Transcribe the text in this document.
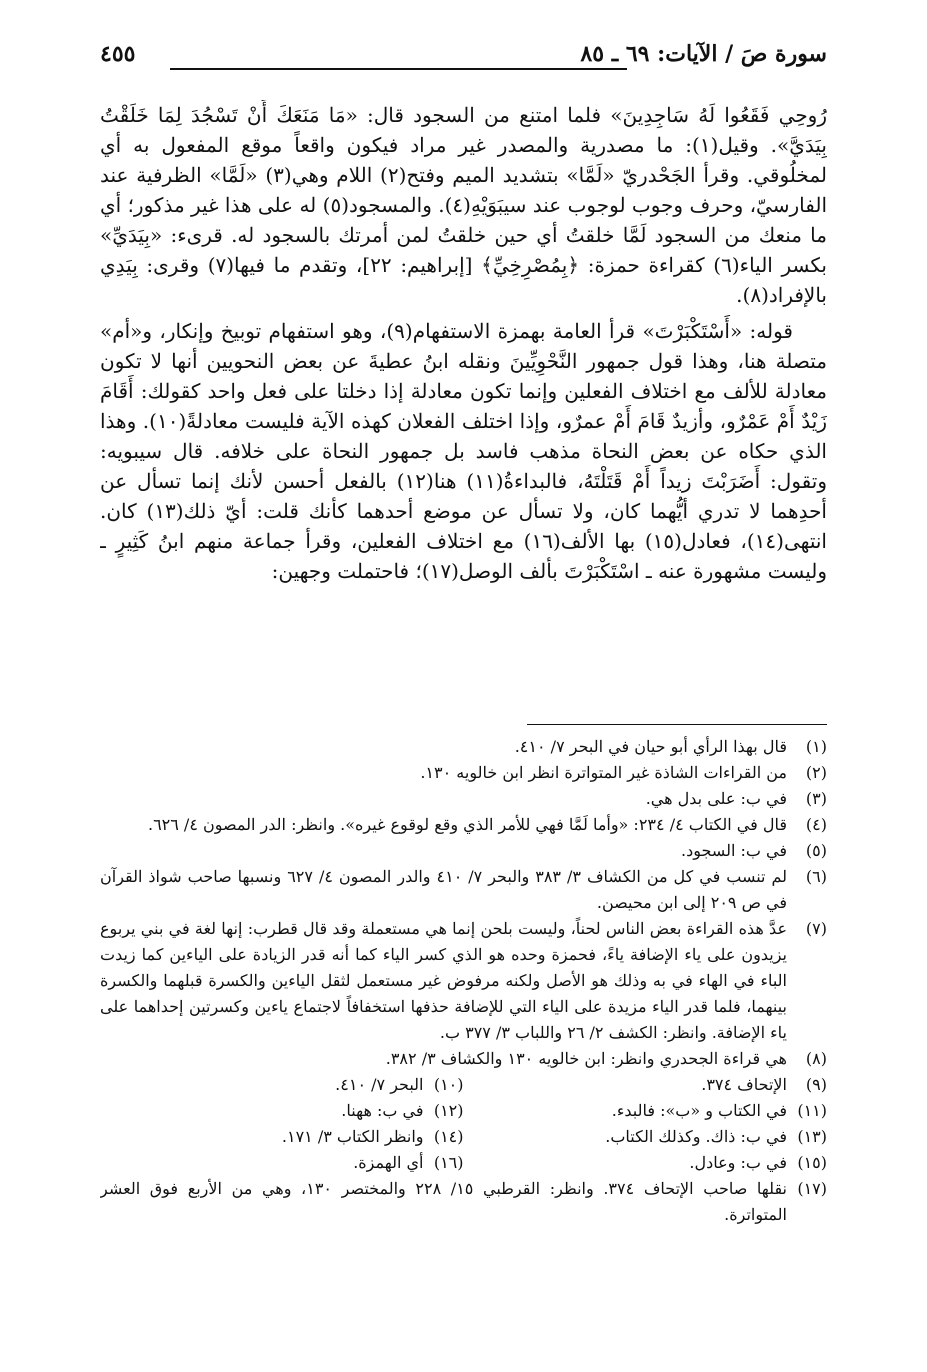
سورة صَ / الآيات: ٦٩ ـ ٨٥
٤٥٥

رُوحِي فَقَعُوا لَهُ سَاجِدِينَ» فلما امتنع من السجود قال: «مَا مَنَعَكَ أَنْ تَسْجُدَ لِمَا خَلَقْتُ بِيَدَيَّ». وقيل(١): ما مصدرية والمصدر غير مراد فيكون واقعاً موقع المفعول به أي لمخلُوقي. وقرأ الجَحْدريّ «لَمَّا» بتشديد الميم وفتح(٢) اللام وهي(٣) «لَمَّا» الظرفية عند الفارسيّ، وحرف وجوب لوجوب عند سيبَوَيْهِ(٤). والمسجود(٥) له على هذا غير مذكور؛ أي ما منعك من السجود لَمَّا خلقتُ أي حين خلقتُ لمن أمرتك بالسجود له. قرىء: «بِيَدَيِّ» بكسر الياء(٦) كقراءة حمزة: ﴿بِمُصْرِخِيِّ﴾ [إبراهيم: ٢٢]، وتقدم ما فيها(٧) وقرى: بِيَدِي بالإفراد(٨).

قوله: «أَسْتَكْبَرْتَ» قرأ العامة بهمزة الاستفهام(٩)، وهو استفهام توبيخ وإنكار، و«أم» متصلة هنا، وهذا قول جمهور النَّحْوِيِّينَ ونقله ابنُ عطيةَ عن بعض النحويين أنها لا تكون معادلة للألف مع اختلاف الفعلين وإنما تكون معادلة إذا دخلتا على فعل واحد كقولك: أَقَامَ زَيْدٌ أَمْ عَمْرٌو، وأزيدٌ قَامَ أَمْ عمرٌو، وإذا اختلف الفعلان كهذه الآية فليست معادلةً(١٠). وهذا الذي حكاه عن بعض النحاة مذهب فاسد بل جمهور النحاة على خلافه. قال سيبويه: وتقول: أَضَرَبْتَ زيداً أَمْ قَتَلْتَهُ، فالبداءةُ(١١) هنا(١٢) بالفعل أحسن لأنك إنما تسأل عن أحدِهما لا تدري أيُّهما كان، ولا تسأل عن موضع أحدهما كأنك قلت: أيّ ذلك(١٣) كان. انتهى(١٤)، فعادل(١٥) بها الألف(١٦) مع اختلاف الفعلين، وقرأ جماعة منهم ابنُ كَثِيرٍ ـ وليست مشهورة عنه ـ اسْتَكْبَرْتَ بألف الوصل(١٧)؛ فاحتملت وجهين:

(١)
قال بهذا الرأي أبو حيان في البحر ٧/ ٤١٠.
(٢)
من القراءات الشاذة غير المتواترة انظر ابن خالويه ١٣٠.
(٣)
في ب: على بدل هي.
(٤)
قال في الكتاب ٤/ ٢٣٤: «وأما لَمَّا فهي للأمر الذي وقع لوقوع غيره». وانظر: الدر المصون ٤/ ٦٢٦.
(٥)
في ب: السجود.
(٦)
لم تنسب في كل من الكشاف ٣/ ٣٨٣ والبحر ٧/ ٤١٠ والدر المصون ٤/ ٦٢٧ ونسبها صاحب شواذ القرآن في ص ٢٠٩ إلى ابن محيصن.
(٧)
عدَّ هذه القراءة بعض الناس لحناً، وليست بلحن إنما هي مستعملة وقد قال قطرب: إنها لغة في بني يربوع يزيدون على ياء الإضافة ياءً، فحمزة وحده هو الذي كسر الياء كما أنه قدر الزيادة على الياءين كما زيدت الباء في الهاء في به وذلك هو الأصل ولكنه مرفوض غير مستعمل لثقل الياءين والكسرة قبلهما والكسرة بينهما، فلما قدر الياء مزيدة على الياء التي للإضافة حذفها استخفافاً لاجتماع ياءين وكسرتين إحداهما على ياء الإضافة. وانظر: الكشف ٢/ ٢٦ واللباب ٣/ ٣٧٧ ب.
(٨)
هي قراءة الجحدري وانظر: ابن خالويه ١٣٠ والكشاف ٣/ ٣٨٢.
(٩)
الإتحاف ٣٧٤.
(١٠)
البحر ٧/ ٤١٠.
(١١)
في الكتاب و «ب»: فالبدء.
(١٢)
في ب: ههنا.
(١٣)
في ب: ذاك. وكذلك الكتاب.
(١٤)
وانظر الكتاب ٣/ ١٧١.
(١٥)
في ب: وعادل.
(١٦)
أي الهمزة.
(١٧)
نقلها صاحب الإتحاف ٣٧٤. وانظر: القرطبي ١٥/ ٢٢٨ والمختصر ١٣٠، وهي من الأربع فوق العشر المتواترة.
